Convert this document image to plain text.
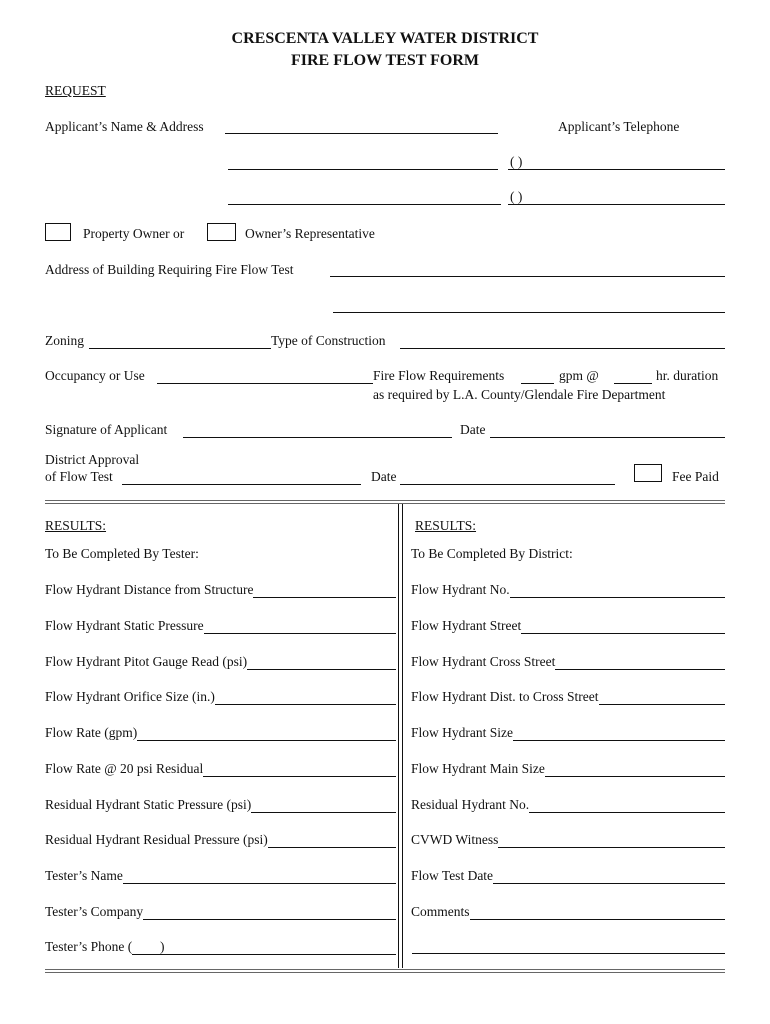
CRESCENTA VALLEY WATER DISTRICT
FIRE FLOW TEST FORM
REQUEST
Applicant’s Name & Address	Applicant’s Telephone
( )
( )
Property Owner or	Owner’s Representative
Address of Building Requiring Fire Flow Test
Zoning	Type of Construction
Occupancy or Use	Fire Flow Requirements	gpm @	hr. duration
as required by L.A. County/Glendale Fire Department
Signature of Applicant	Date
District Approval
of Flow Test	Date	Fee Paid
RESULTS:
To Be Completed By Tester:
Flow Hydrant Distance from Structure
Flow Hydrant Static Pressure
Flow Hydrant Pitot Gauge Read (psi)
Flow Hydrant Orifice Size (in.)
Flow Rate (gpm)
Flow Rate @ 20 psi Residual
Residual Hydrant Static Pressure (psi)
Residual Hydrant Residual Pressure (psi)
Tester’s Name
Tester’s Company
Tester’s Phone ( )
RESULTS:
To Be Completed By District:
Flow Hydrant No.
Flow Hydrant Street
Flow Hydrant Cross Street
Flow Hydrant Dist. to Cross Street
Flow Hydrant Size
Flow Hydrant Main Size
Residual Hydrant No.
CVWD Witness
Flow Test Date
Comments
